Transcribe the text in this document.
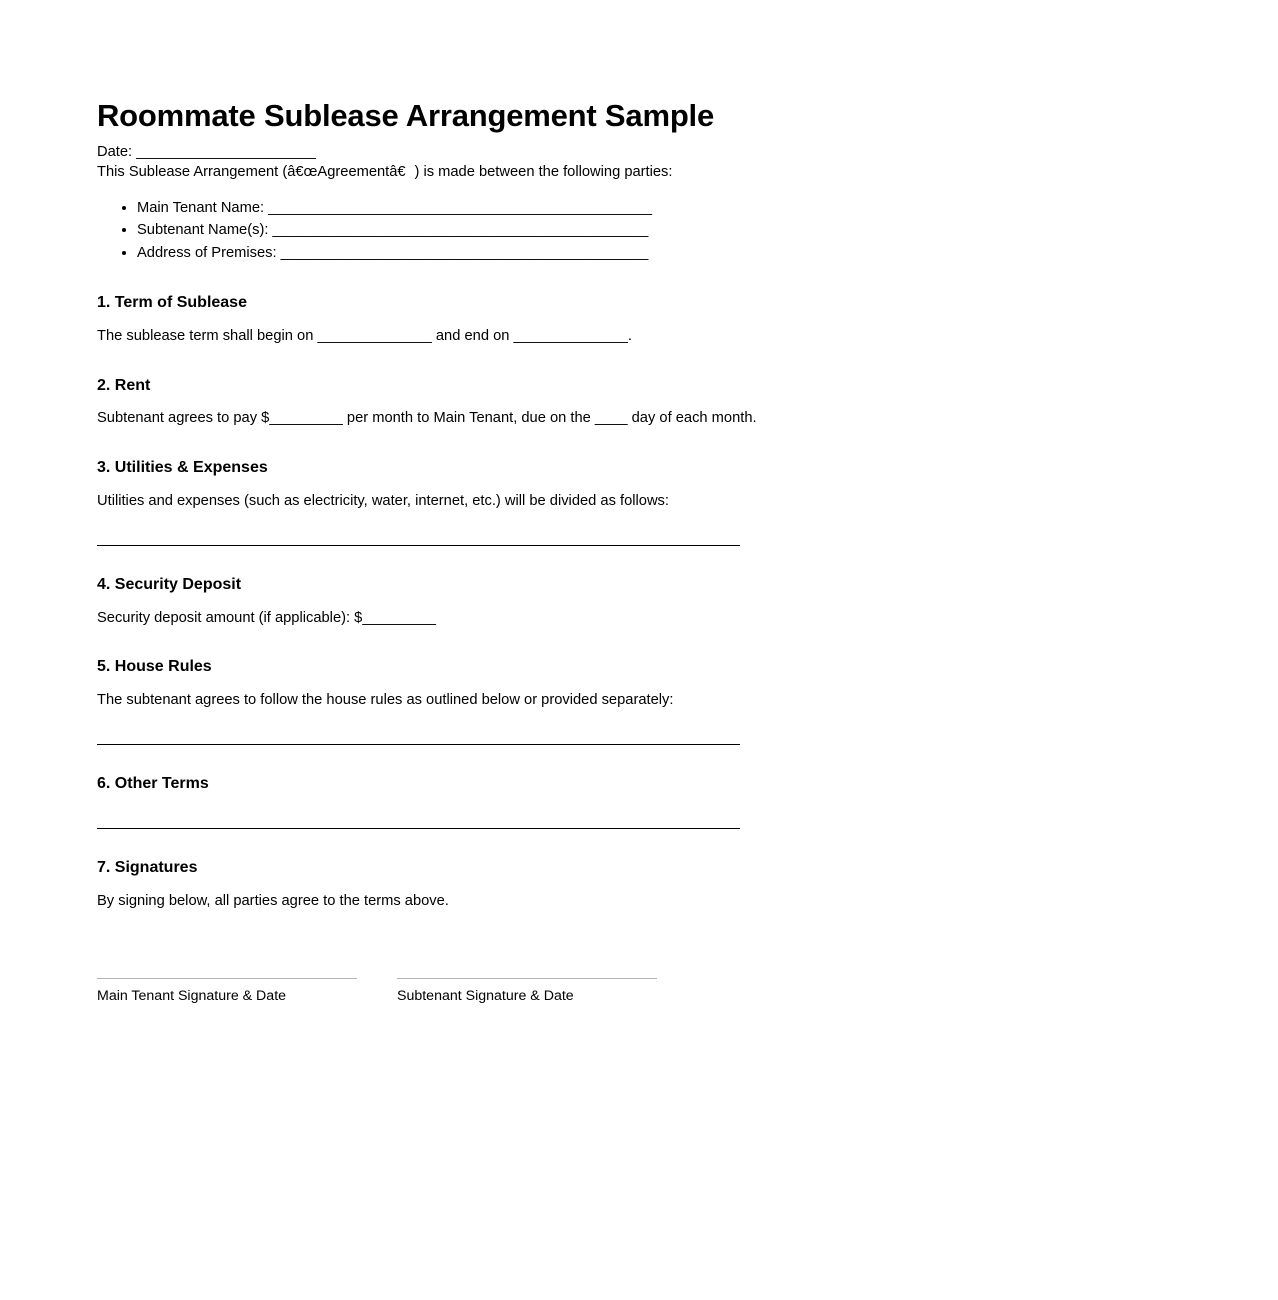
Roommate Sublease Arrangement Sample

Date: ______________________

This Sublease Arrangement (â€œAgreementâ€) is made between the following parties:

• Main Tenant Name: _______________________________________________
• Subtenant Name(s): ______________________________________________
• Address of Premises: _____________________________________________
1. Term of Sublease

The sublease term shall begin on ______________ and end on ______________.

2. Rent

Subtenant agrees to pay $_________ per month to Main Tenant, due on the ____ day of each month.

3. Utilities & Expenses

Utilities and expenses (such as electricity, water, internet, etc.) will be divided as follows:

4. Security Deposit

Security deposit amount (if applicable): $_________

5. House Rules

The subtenant agrees to follow the house rules as outlined below or provided separately:

6. Other Terms
7. Signatures

By signing below, all parties agree to the terms above.

Main Tenant Signature & Date	Subtenant Signature & Date
